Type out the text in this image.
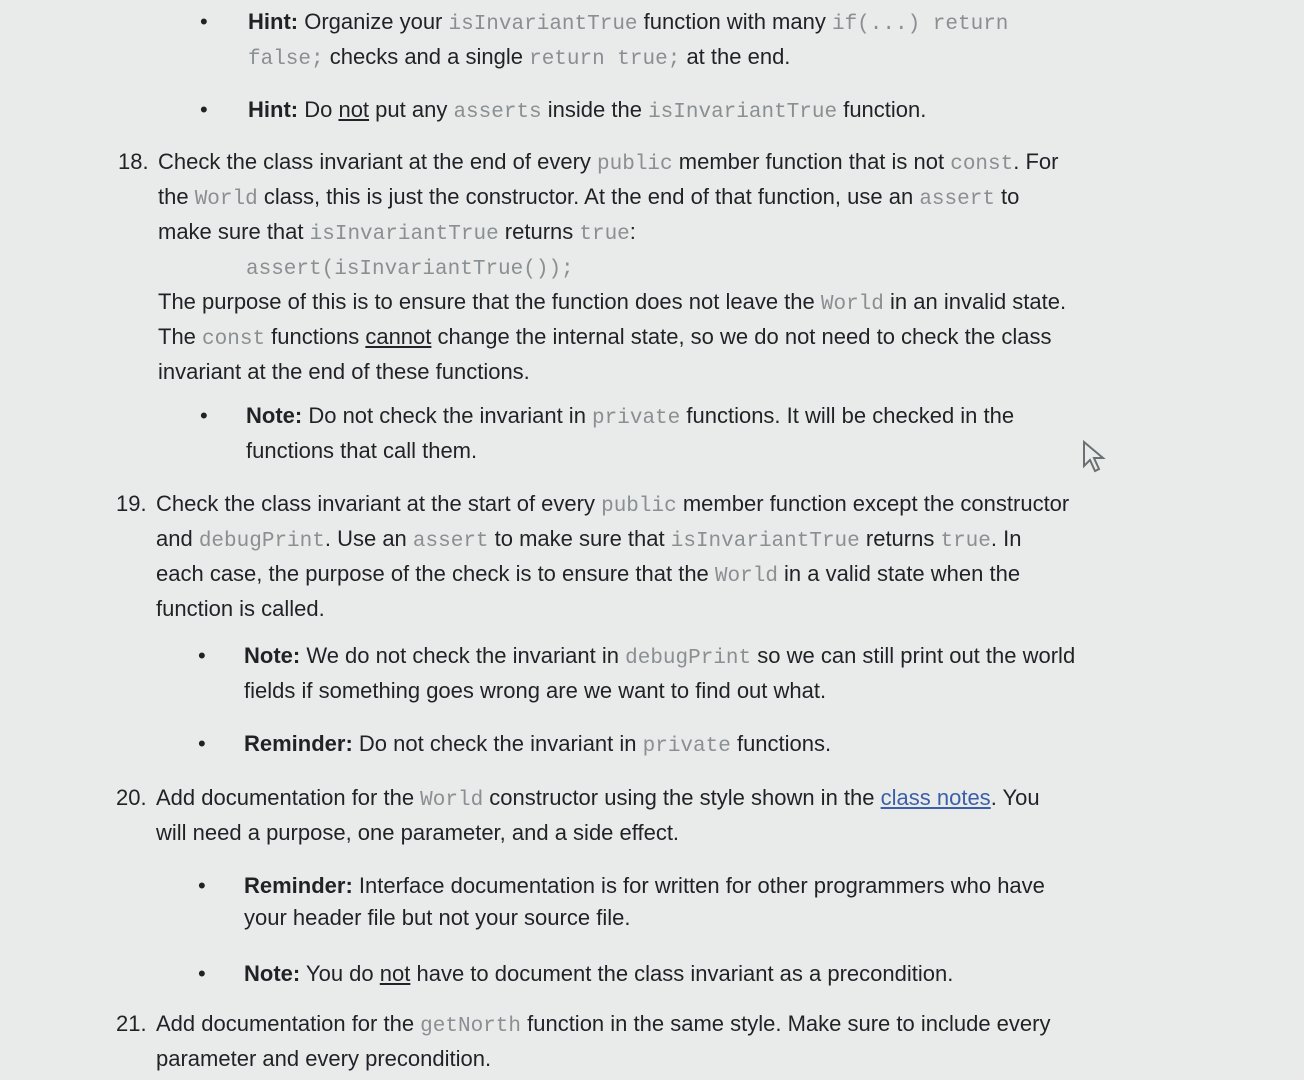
• Hint: Organize your isInvariantTrue function with many if(...) return

false; checks and a single return true; at the end.

• Hint: Do not put any asserts inside the isInvariantTrue function.

18. Check the class invariant at the end of every public member function that is not const. For

the World class, this is just the constructor. At the end of that function, use an assert to

make sure that isInvariantTrue returns true:

assert(isInvariantTrue());

The purpose of this is to ensure that the function does not leave the World in an invalid state.

The const functions cannot change the internal state, so we do not need to check the class

invariant at the end of these functions.

• Note: Do not check the invariant in private functions. It will be checked in the

functions that call them.

19. Check the class invariant at the start of every public member function except the constructor

and debugPrint. Use an assert to make sure that isInvariantTrue returns true. In

each case, the purpose of the check is to ensure that the World in a valid state when the

function is called.

• Note: We do not check the invariant in debugPrint so we can still print out the world

fields if something goes wrong are we want to find out what.

• Reminder: Do not check the invariant in private functions.

20. Add documentation for the World constructor using the style shown in the class notes. You

will need a purpose, one parameter, and a side effect.

• Reminder: Interface documentation is for written for other programmers who have

your header file but not your source file.

• Note: You do not have to document the class invariant as a precondition.

21. Add documentation for the getNorth function in the same style. Make sure to include every

parameter and every precondition.
